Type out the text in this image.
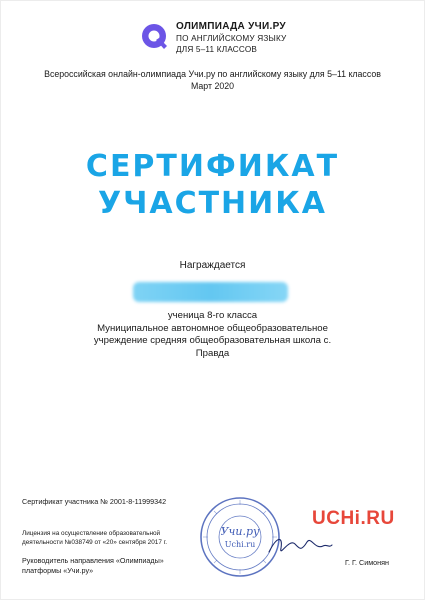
ОЛИМПИАДА УЧИ.РУ
ПО АНГЛИЙСКОМУ ЯЗЫКУ
ДЛЯ 5–11 КЛАССОВ
Всероссийская онлайн-олимпиада Учи.ру по английскому языку для 5–11 классов
Март 2020
СЕРТИФИКАТ
УЧАСТНИКА
Награждается
ученица 8-го класса
Муниципальное автономное общеобразовательное
учреждение средняя общеобразовательная школа с.
Правда
Сертификат участника № 2001-8-11999342
Лицензия на осуществление образовательной деятельности №038749 от «20» сентября 2017 г.
Руководитель направления «Олимпиады»
платформы «Учи.ру»
Учи.ру
Uchi.ru
UCHi.RU
Г. Г. Симонян
